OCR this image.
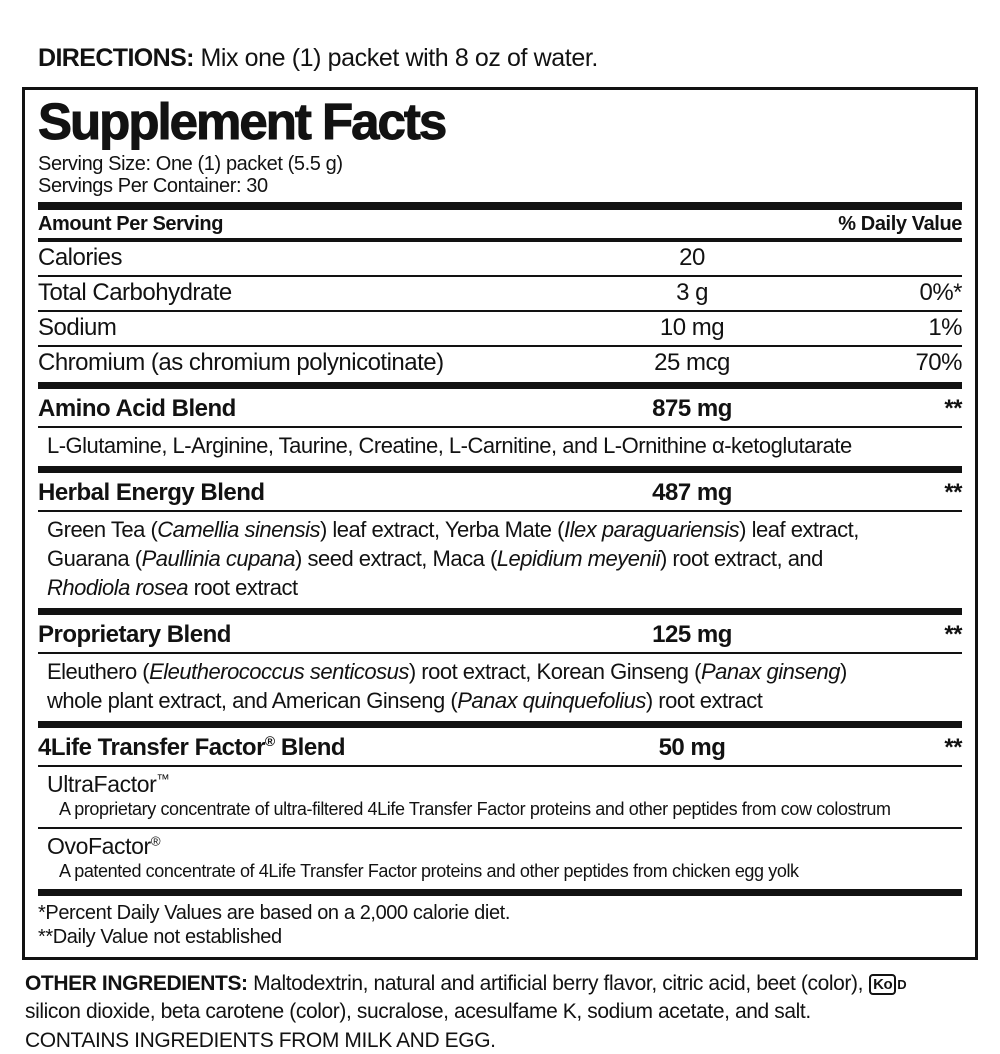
DIRECTIONS: Mix one (1) packet with 8 oz of water.
Supplement Facts
Serving Size: One (1) packet (5.5 g)
Servings Per Container: 30
Amount Per Serving	% Daily Value
Calories	20
Total Carbohydrate	3 g	0%*
Sodium	10 mg	1%
Chromium (as chromium polynicotinate)	25 mcg	70%
Amino Acid Blend	875 mg	**
L-Glutamine, L-Arginine, Taurine, Creatine, L-Carnitine, and L-Ornithine α-ketoglutarate
Herbal Energy Blend	487 mg	**
Green Tea (Camellia sinensis) leaf extract, Yerba Mate (Ilex paraguariensis) leaf extract,
Guarana (Paullinia cupana) seed extract, Maca (Lepidium meyenii) root extract, and
Rhodiola rosea root extract
Proprietary Blend	125 mg	**
Eleuthero (Eleutherococcus senticosus) root extract, Korean Ginseng (Panax ginseng)
whole plant extract, and American Ginseng (Panax quinquefolius) root extract
4Life Transfer Factor® Blend	50 mg	**
UltraFactor™
A proprietary concentrate of ultra-filtered 4Life Transfer Factor proteins and other peptides from cow colostrum
OvoFactor®
A patented concentrate of 4Life Transfer Factor proteins and other peptides from chicken egg yolk
*Percent Daily Values are based on a 2,000 calorie diet.
**Daily Value not established
OTHER INGREDIENTS: Maltodextrin, natural and artificial berry flavor, citric acid, beet (color), Ko D
silicon dioxide, beta carotene (color), sucralose, acesulfame K, sodium acetate, and salt.
CONTAINS INGREDIENTS FROM MILK AND EGG.
